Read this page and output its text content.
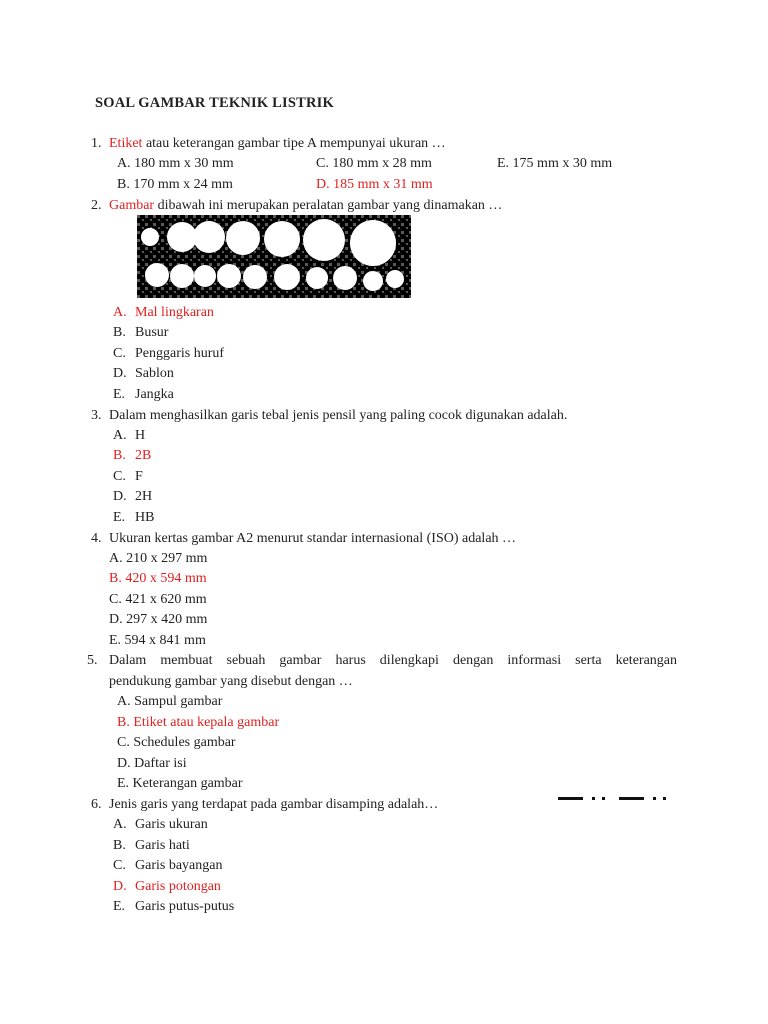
SOAL GAMBAR TEKNIK LISTRIK
1. Etiket atau keterangan gambar tipe A mempunyai ukuran …
A. 180 mm x 30 mm	C. 180 mm x 28 mm	E. 175 mm x 30 mm
B. 170 mm x 24 mm	D. 185 mm x 31 mm
2. Gambar dibawah ini merupakan peralatan gambar yang dinamakan …
A. Mal lingkaran
B. Busur
C. Penggaris huruf
D. Sablon
E. Jangka
3. Dalam menghasilkan garis tebal jenis pensil yang paling cocok digunakan adalah.
A. H
B. 2B
C. F
D. 2H
E. HB
4. Ukuran kertas gambar A2 menurut standar internasional (ISO) adalah …
A. 210 x 297 mm
B. 420 x 594 mm
C. 421 x 620 mm
D. 297 x 420 mm
E. 594 x 841 mm
5. Dalam membuat sebuah gambar harus dilengkapi dengan informasi serta keterangan
pendukung gambar yang disebut dengan …
A. Sampul gambar
B. Etiket atau kepala gambar
C. Schedules gambar
D. Daftar isi
E. Keterangan gambar
6. Jenis garis yang terdapat pada gambar disamping adalah…
A. Garis ukuran
B. Garis hati
C. Garis bayangan
D. Garis potongan
E. Garis putus-putus
